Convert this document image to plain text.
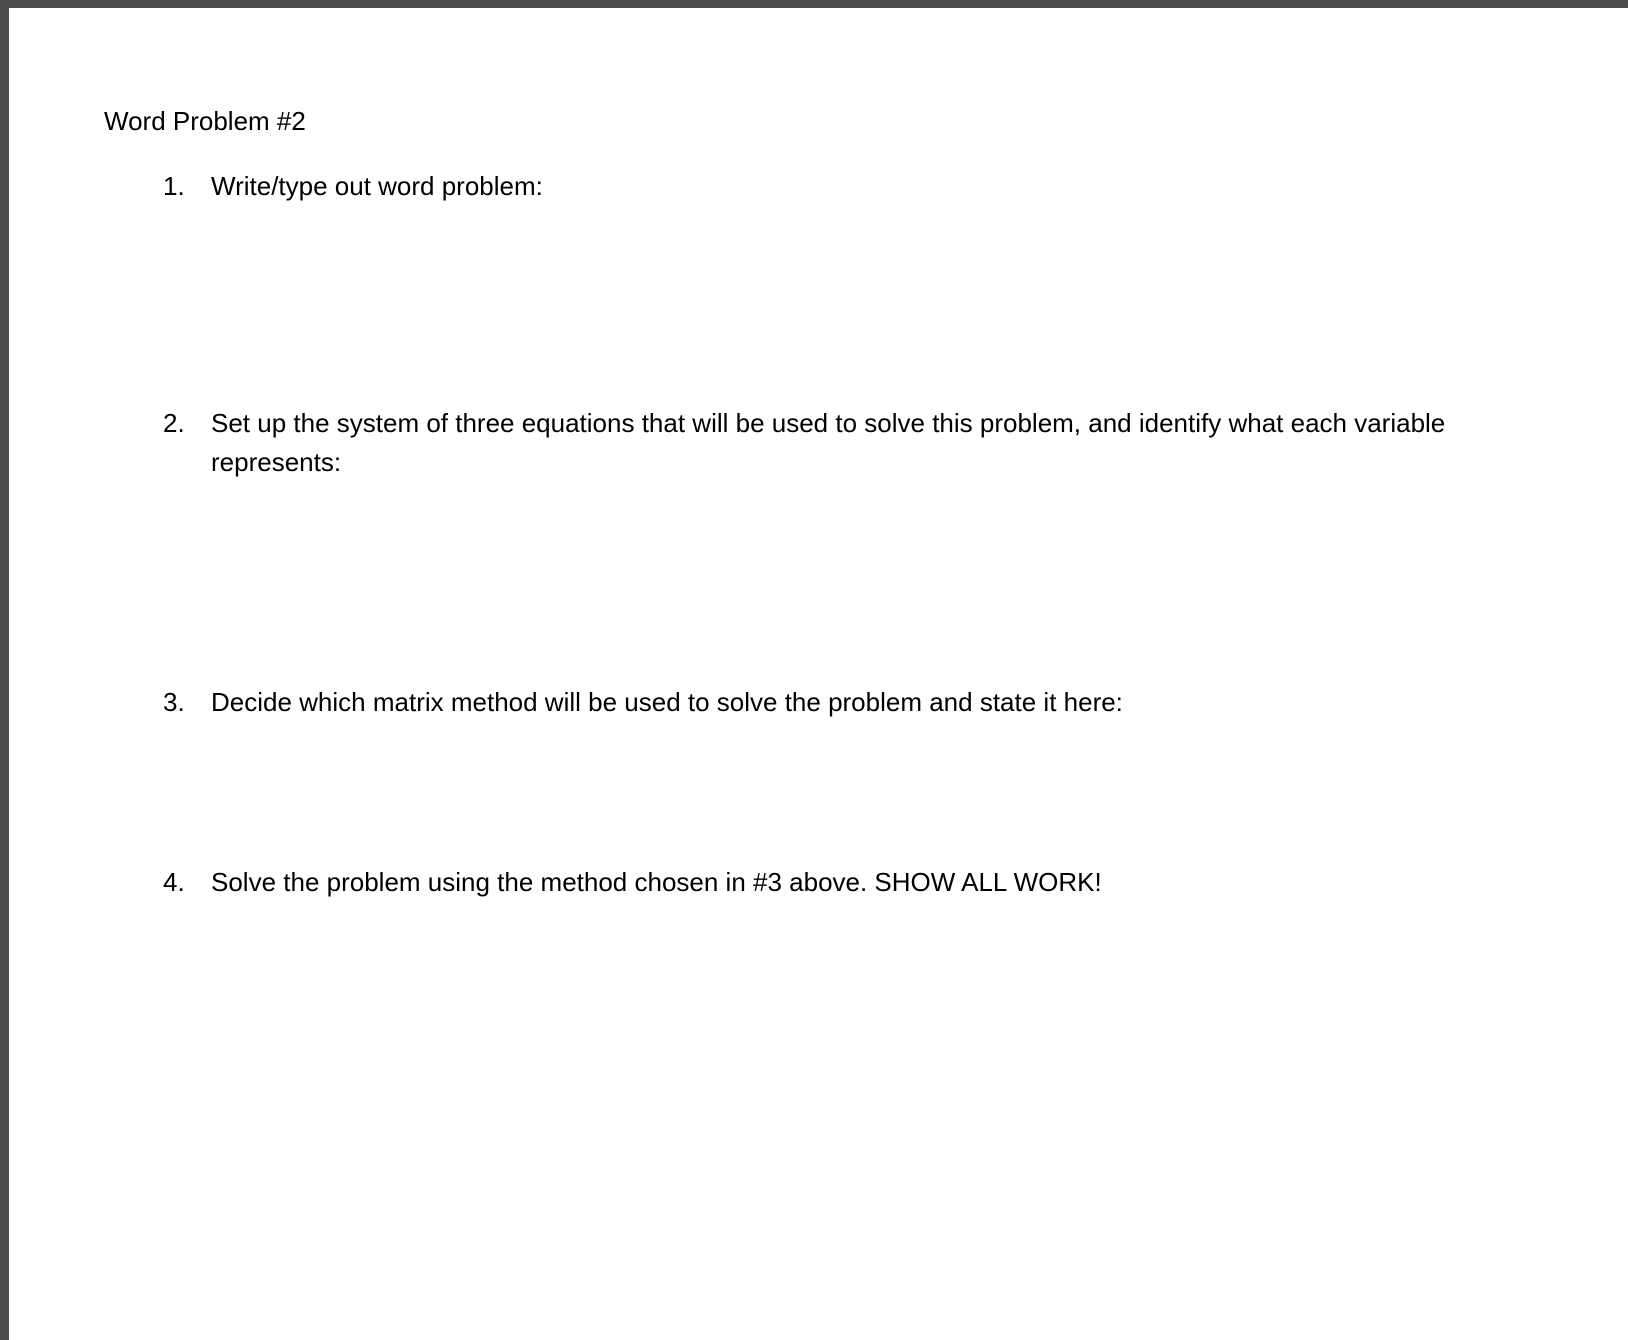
Word Problem #2
1.	Write/type out word problem:
2.	Set up the system of three equations that will be used to solve this problem, and identify what each variable represents:
3.	Decide which matrix method will be used to solve the problem and state it here:
4.	Solve the problem using the method chosen in #3 above. SHOW ALL WORK!
